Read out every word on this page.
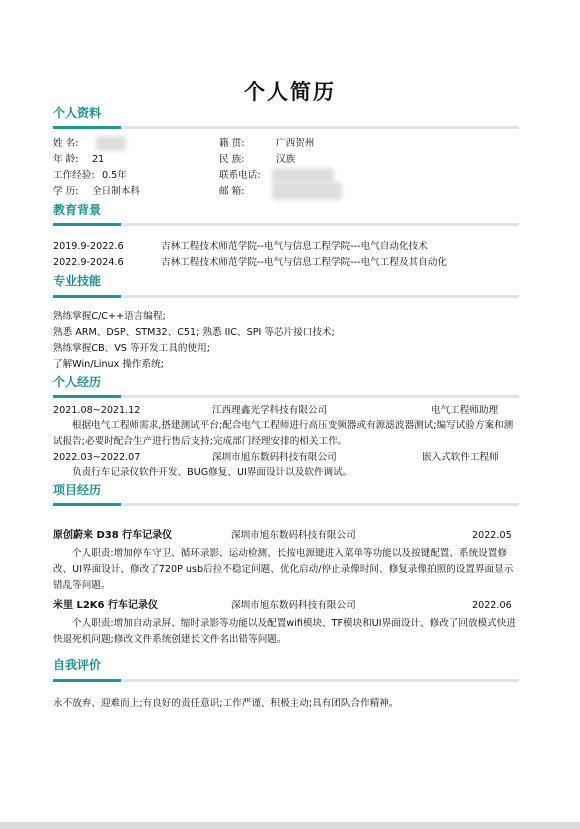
个人简历
个人资料
姓 名:
年 龄: 21
工作经验: 0.5年
学 历: 全日制本科
籍 贯:	广西贺州
民 族:	汉族
联系电话:
邮 箱:
教育背景
2019.9-2022.6	吉林工程技术师范学院--电气与信息工程学院---电气自动化技术
2022.9-2024.6	吉林工程技术师范学院--电气与信息工程学院---电气工程及其自动化
专业技能
熟练掌握C/C++语言编程;
熟悉 ARM、DSP、STM32、C51; 熟悉 IIC、SPI 等芯片接口技术;
熟练掌握CB、VS 等开发工具的使用;
了解Win/Linux 操作系统;
个人经历
2021.08~2021.12	江西理鑫光学科技有限公司	电气工程师助理
根据电气工程师需求,搭建测试平台;配合电气工程师进行高压变频器或有源滤波器测试;编写试验方案和测试报告;必要时配合生产进行售后支持;完成部门经理安排的相关工作。
2022.03~2022.07	深圳市旭东数码科技有限公司	嵌入式软件工程师
负责行车记录仪软件开发、BUG修复、UI界面设计以及软件调试。
项目经历
原创蔚来 D38 行车记录仪	深圳市旭东数码科技有限公司	2022.05
个人职责:增加停车守卫、循环录影、运动检测、长按电源键进入菜单等功能以及按键配置、系统设置修改、UI界面设计、修改了720P usb后拉不稳定问题、优化启动/停止录像时间、修复录像拍照的设置界面显示错乱等问题。
米里 L2K6 行车记录仪	深圳市旭东数码科技有限公司	2022.06
个人职责:增加自动录屏、缩时录影等功能以及配置wifi模块、TF模块和UI界面设计、修改了回放模式快进快退死机问题;修改文件系统创建长文件名出错等问题。
自我评价
永不放弃、迎难而上;有良好的责任意识;工作严谨、积极主动;具有团队合作精神。
